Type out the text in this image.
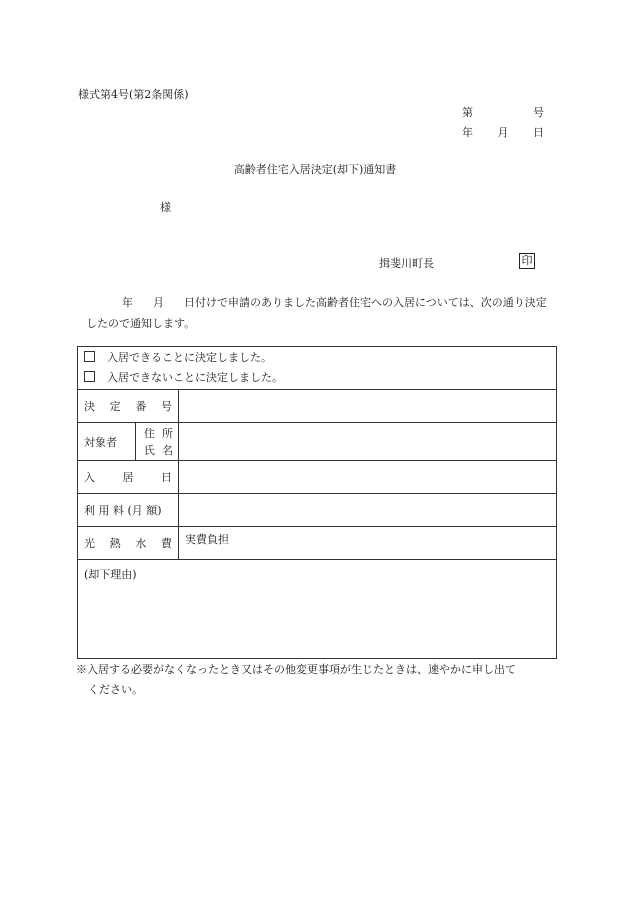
様式第4号(第2条関係)
第	号
年 月 日
高齢者住宅入居決定(却下)通知書
様
揖斐川町長	印
年 月 日付けで申請のありました高齢者住宅への入居については、次の通り決定したので通知します。
入居できることに決定しました。
入居できないことに決定しました。		

決 定 番 号		

対象者	住 所
氏 名	

入 居 日		

利 用 料 (月 額)		

光 熱 水 費		実費負担
(却下理由)		
※入居する必要がなくなったとき又はその他変更事項が生じたときは、速やかに申し出て
ください。
